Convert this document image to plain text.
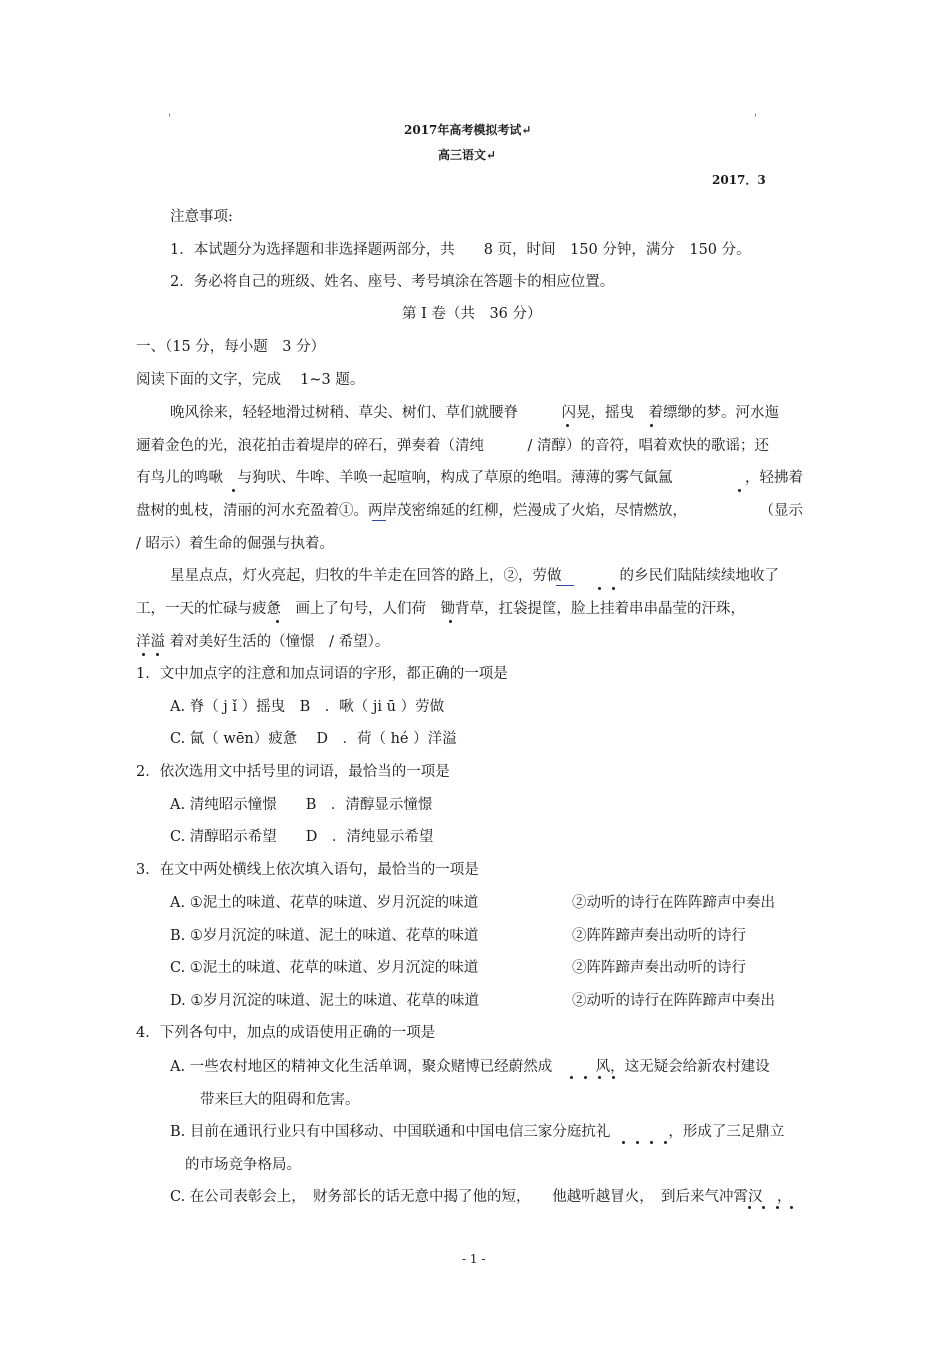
'	'
2017年高考模拟考试↵
高三语文↵
2017．3
注意事项:
1．本试题分为选择题和非选择题两部分，共　　8 页，时间　150 分钟，满分　150 分。
2．务必将自己的班级、姓名、座号、考号填涂在答题卡的相应位置。
第 I 卷（共　36 分）
一、（15 分，每小题　3 分）
阅读下面的文字，完成　 1~3 题。
晚风徐来，轻轻地滑过树稍、草尖、树们、草们就腰脊　　　闪晃，摇曳　着缥缈的梦。河水迤
逦着金色的光，浪花拍击着堤岸的碎石，弹奏着（清纯　　　/ 清醇）的音符，唱着欢快的歌谣；还
有鸟儿的鸣啾　与狗吠、牛哞、羊唤一起喧响，构成了草原的绝唱。薄薄的雾气氤氲　　　　　，轻拂着
盘树的虬枝，清丽的河水充盈着①。两岸茂密绵延的红柳，烂漫成了火焰，尽情燃放，　　　　　　（显示
/ 昭示）着生命的倔强与执着。
星星点点，灯火亮起，归牧的牛羊走在回答的路上，②，劳做　　　　的乡民们陆陆续续地收了
工，一天的忙碌与疲惫　画上了句号，人们荷　锄背草，扛袋提筐，脸上挂着串串晶莹的汗珠，
洋溢 着对美好生活的（憧憬　/ 希望）。
1．文中加点字的注意和加点词语的字形，都正确的一项是
A. 脊（ j ǐ ）摇曳　B　．啾（ ji ū ）劳做
C. 氤（ wēn）疲惫　 D　．荷（ hé ）洋溢
2．依次选用文中括号里的词语，最恰当的一项是
A. 清纯昭示憧憬　　B　．清醇显示憧憬
C. 清醇昭示希望　　D　．清纯显示希望
3．在文中两处横线上依次填入语句，最恰当的一项是
A. ①泥土的味道、花草的味道、岁月沉淀的味道	②动听的诗行在阵阵蹄声中奏出
B. ①岁月沉淀的味道、泥土的味道、花草的味道	②阵阵蹄声奏出动听的诗行
C. ①泥土的味道、花草的味道、岁月沉淀的味道	②阵阵蹄声奏出动听的诗行
D. ①岁月沉淀的味道、泥土的味道、花草的味道	②动听的诗行在阵阵蹄声中奏出
4．下列各句中，加点的成语使用正确的一项是
A. 一些农村地区的精神文化生活单调，聚众赌博已经蔚然成　　　风，这无疑会给新农村建设
带来巨大的阻碍和危害。
B. 目前在通讯行业只有中国移动、中国联通和中国电信三家分庭抗礼　　　　，形成了三足鼎立
的市场竞争格局。
C. 在公司表彰会上，　财务部长的话无意中揭了他的短，　　他越听越冒火，　到后来气冲霄汉　，
- 1 -
